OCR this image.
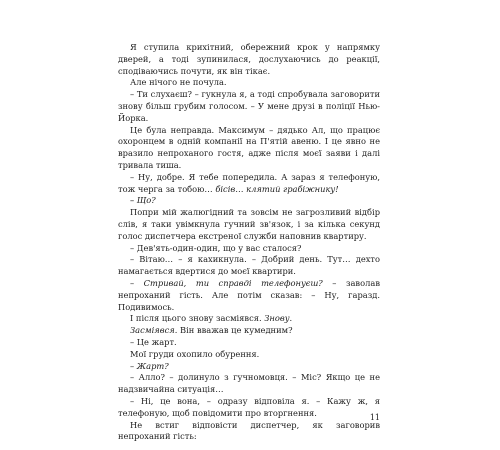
Я ступила крихітний, обережний крок у напрямку дверей, а тоді зупинилася, дослухаючись до реакції, сподіваючись почути, як він тікає.

Але нічого не почула.

– Ти слухаєш? – гукнула я, а тоді спробувала заговорити знову більш грубим голосом. – У мене друзі в поліції Нью-Йорка.

Це була неправда. Максимум – дядько Ал, що працює охоронцем в одній компанії на П'ятій авеню. І це явно не вразило непроханого гостя, адже після моєї заяви і далі тривала тиша.

– Ну, добре. Я тебе попередила. А зараз я телефоную, тож черга за тобою… бісів… клятий грабіжнику!

– Що?

Попри мій жалюгідний та зовсім не загрозливий відбір слів, я таки увімкнула гучний зв'язок, і за кілька секунд голос диспетчера екстреної служби наповнив квартиру.

– Дев'ять-один-один, що у вас сталося?

– Вітаю… – я кахикнула. – Добрий день. Тут… дехто намагається вдертися до моєї квартири.

– Стривай, ти справді телефонуєш? – заволав непроханий гість. Але потім сказав: – Ну, гаразд. Подивимось.

І після цього знову засміявся. Знову.

Засміявся. Він вважав це кумедним?

– Це жарт.

Мої груди охопило обурення.

– Жарт?

– Алло? – долинуло з гучномовця. – Міс? Якщо це не надзвичайна ситуація…

– Ні, це вона, – одразу відповіла я. – Кажу ж, я телефоную, щоб повідомити про вторгнення.

Не встиг відповісти диспетчер, як заговорив непроханий гість:

11
